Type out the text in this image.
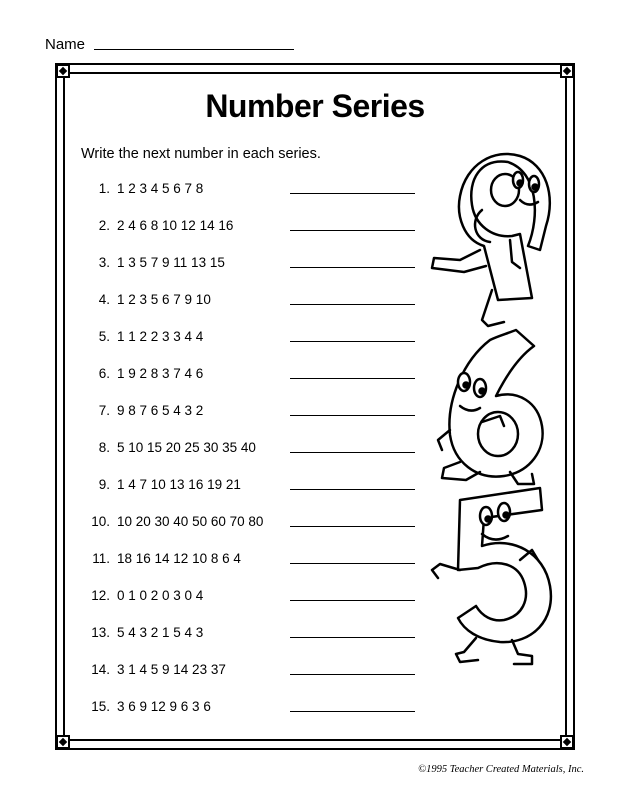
Name
Number Series
Write the next number in each series.
1. 1 2 3 4 5 6 7 8
2. 2 4 6 8 10 12 14 16
3. 1 3 5 7 9 11 13 15
4. 1 2 3 5 6 7 9 10
5. 1 1 2 2 3 3 4 4
6. 1 9 2 8 3 7 4 6
7. 9 8 7 6 5 4 3 2
8. 5 10 15 20 25 30 35 40
9. 1 4 7 10 13 16 19 21
10. 10 20 30 40 50 60 70 80
11. 18 16 14 12 10 8 6 4
12. 0 1 0 2 0 3 0 4
13. 5 4 3 2 1 5 4 3
14. 3 1 4 5 9 14 23 37
15. 3 6 9 12 9 6 3 6
©1995 Teacher Created Materials, Inc.
